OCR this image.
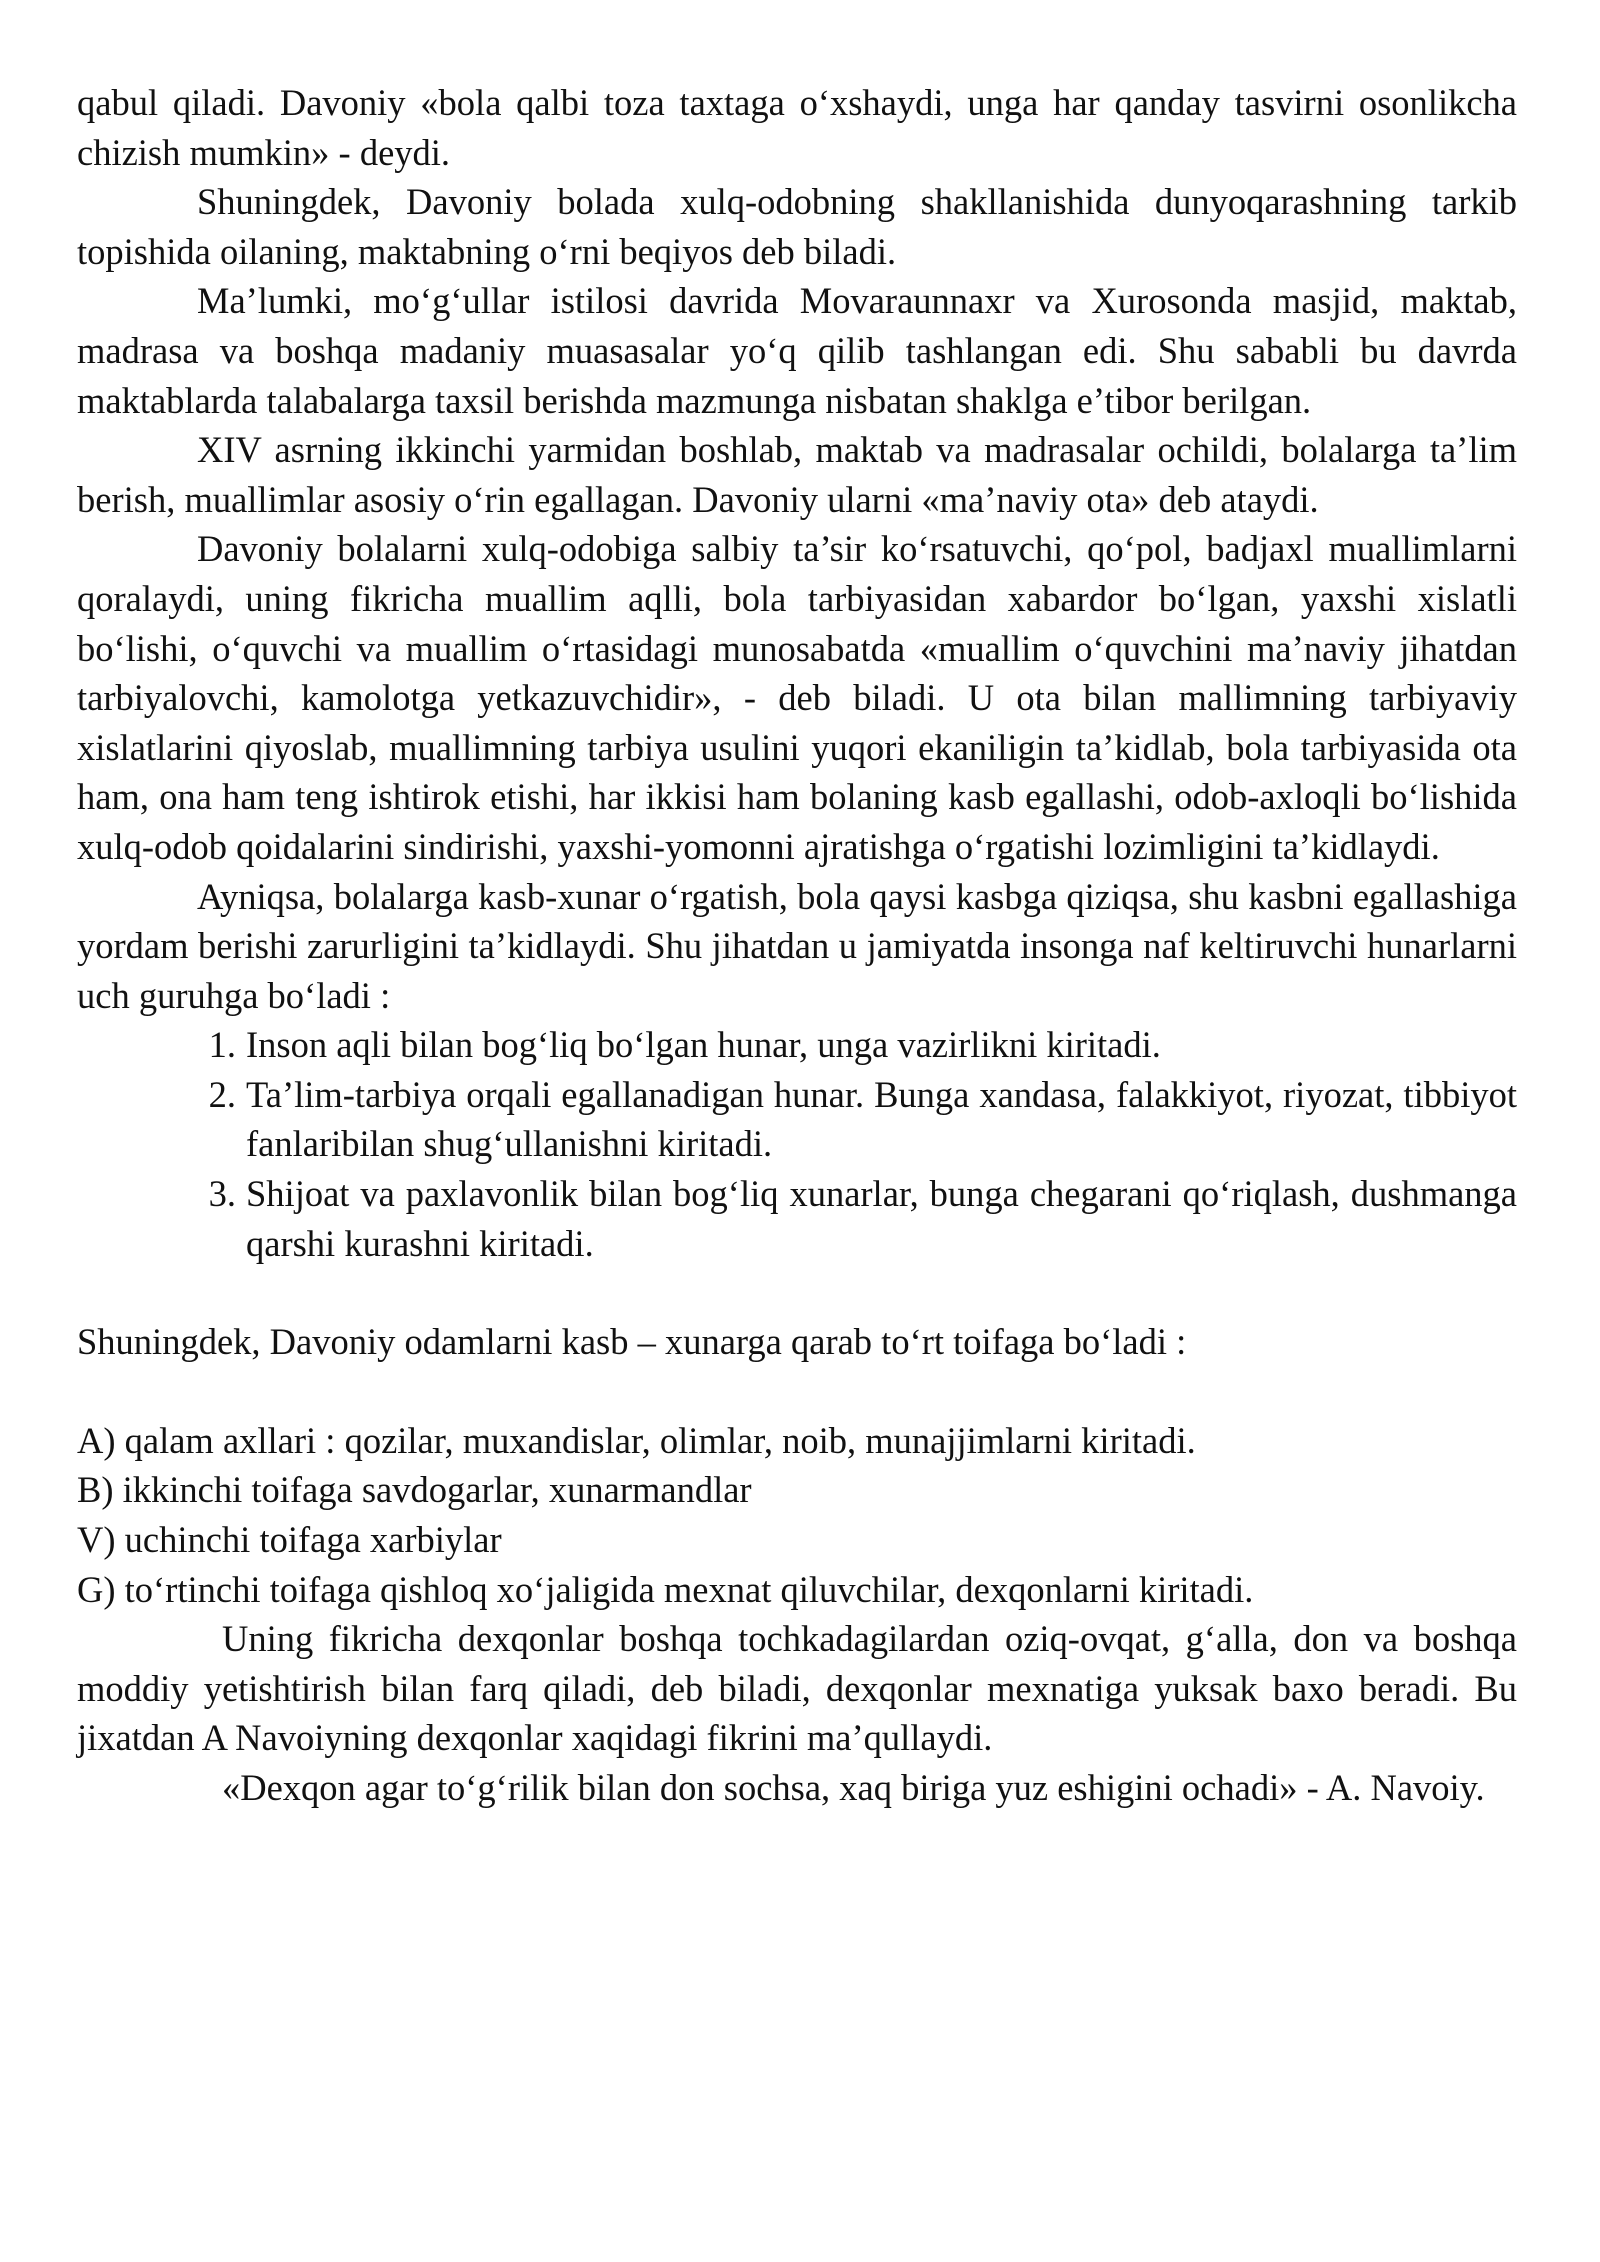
qabul qiladi. Davoniy «bola qalbi toza taxtaga o‘xshaydi, unga har qanday tasvirni osonlikcha chizish mumkin» - deydi.

Shuningdek, Davoniy bolada xulq-odobning shakllanishida dunyoqarashning tarkib topishida oilaning, maktabning o‘rni beqiyos deb biladi.

Ma’lumki, mo‘g‘ullar istilosi davrida Movaraunnaxr va Xurosonda masjid, maktab, madrasa va boshqa madaniy muasasalar yo‘q qilib tashlangan edi. Shu sababli bu davrda maktablarda talabalarga taxsil berishda mazmunga nisbatan shaklga e’tibor berilgan.

XIV asrning ikkinchi yarmidan boshlab, maktab va madrasalar ochildi, bolalarga ta’lim berish, muallimlar asosiy o‘rin egallagan. Davoniy ularni «ma’naviy ota» deb ataydi.

Davoniy bolalarni xulq-odobiga salbiy ta’sir ko‘rsatuvchi, qo‘pol, badjaxl muallimlarni qoralaydi, uning fikricha muallim aqlli, bola tarbiyasidan xabardor bo‘lgan, yaxshi xislatli bo‘lishi, o‘quvchi va muallim o‘rtasidagi munosabatda «muallim o‘quvchini ma’naviy jihatdan tarbiyalovchi, kamolotga yetkazuvchidir», - deb biladi. U ota bilan mallimning tarbiyaviy xislatlarini qiyoslab, muallimning tarbiya usulini yuqori ekaniligin ta’kidlab, bola tarbiyasida ota ham, ona ham teng ishtirok etishi, har ikkisi ham bolaning kasb egallashi, odob-axloqli bo‘lishida xulq-odob qoidalarini sindirishi, yaxshi-yomonni ajratishga o‘rgatishi lozimligini ta’kidlaydi.

Ayniqsa, bolalarga kasb-xunar o‘rgatish, bola qaysi kasbga qiziqsa, shu kasbni egallashiga yordam berishi zarurligini ta’kidlaydi. Shu jihatdan u jamiyatda insonga naf keltiruvchi hunarlarni uch guruhga bo‘ladi :

1. Inson aqli bilan bog‘liq bo‘lgan hunar, unga vazirlikni kiritadi.
2. Ta’lim-tarbiya orqali egallanadigan hunar. Bunga xandasa, falakkiyot, riyozat, tibbiyot fanlaribilan shug‘ullanishni kiritadi.
3. Shijoat va paxlavonlik bilan bog‘liq xunarlar, bunga chegarani qo‘riqlash, dushmanga qarshi kurashni kiritadi.

Shuningdek, Davoniy odamlarni kasb – xunarga qarab to‘rt toifaga bo‘ladi :

A) qalam axllari : qozilar, muxandislar, olimlar, noib, munajjimlarni kiritadi.

B) ikkinchi toifaga savdogarlar, xunarmandlar

V) uchinchi toifaga xarbiylar

G) to‘rtinchi toifaga qishloq xo‘jaligida mexnat qiluvchilar, dexqonlarni kiritadi.

Uning fikricha dexqonlar boshqa tochkadagilardan oziq-ovqat, g‘alla, don va boshqa moddiy yetishtirish bilan farq qiladi, deb biladi, dexqonlar mexnatiga yuksak baxo beradi. Bu jixatdan A Navoiyning dexqonlar xaqidagi fikrini ma’qullaydi.

«Dexqon agar to‘g‘rilik bilan don sochsa, xaq biriga yuz eshigini ochadi» - A. Navoiy.
